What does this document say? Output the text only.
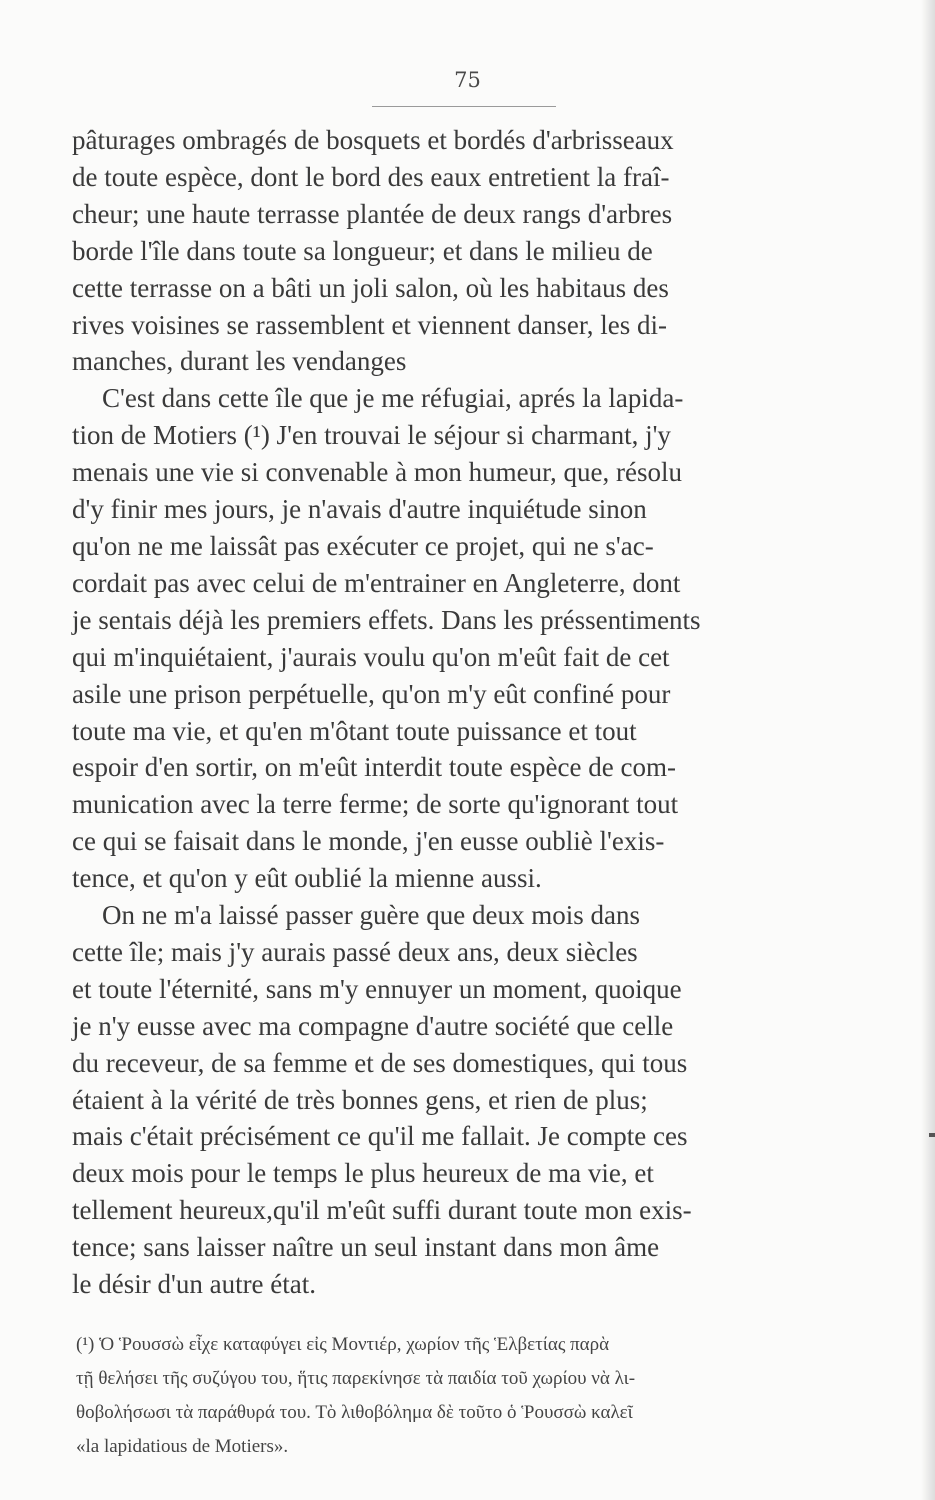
75
pâturages ombragés de bosquets et bordés d'arbrisseaux
de toute espèce, dont le bord des eaux entretient la fraî-
cheur; une haute terrasse plantée de deux rangs d'arbres
borde l'île dans toute sa longueur; et dans le milieu de
cette terrasse on a bâti un joli salon, où les habitaus des
rives voisines se rassemblent et viennent danser, les di-
manches, durant les vendanges
C'est dans cette île que je me réfugiai, aprés la lapida-
tion de Motiers (¹) J'en trouvai le séjour si charmant, j'y
menais une vie si convenable à mon humeur, que, résolu
d'y finir mes jours, je n'avais d'autre inquiétude sinon
qu'on ne me laissât pas exécuter ce projet, qui ne s'ac-
cordait pas avec celui de m'entrainer en Angleterre, dont
je sentais déjà les premiers effets. Dans les préssentiments
qui m'inquiétaient, j'aurais voulu qu'on m'eût fait de cet
asile une prison perpétuelle, qu'on m'y eût confiné pour
toute ma vie, et qu'en m'ôtant toute puissance et tout
espoir d'en sortir, on m'eût interdit toute espèce de com-
munication avec la terre ferme; de sorte qu'ignorant tout
ce qui se faisait dans le monde, j'en eusse oubliè l'exis-
tence, et qu'on y eût oublié la mienne aussi.
On ne m'a laissé passer guère que deux mois dans
cette île; mais j'y aurais passé deux ans, deux siècles
et toute l'éternité, sans m'y ennuyer un moment, quoique
je n'y eusse avec ma compagne d'autre société que celle
du receveur, de sa femme et de ses domestiques, qui tous
étaient à la vérité de très bonnes gens, et rien de plus;
mais c'était précisément ce qu'il me fallait. Je compte ces
deux mois pour le temps le plus heureux de ma vie, et
tellement heureux,qu'il m'eût suffi durant toute mon exis-
tence; sans laisser naître un seul instant dans mon âme
le désir d'un autre état.
(¹) Ὁ Ῥουσσὼ εἶχε καταφύγει εἰς Μοντιέρ, χωρίον τῆς Ἑλβετίας παρὰ
τῇ θελήσει τῆς συζύγου του, ἥτις παρεκίνησε τὰ παιδία τοῦ χωρίου νὰ λι-
θοβολήσωσι τὰ παράθυρά του. Τὸ λιθοβόλημα δὲ τοῦτο ὁ Ῥουσσὼ καλεῖ
«la lapidatious de Motiers».
